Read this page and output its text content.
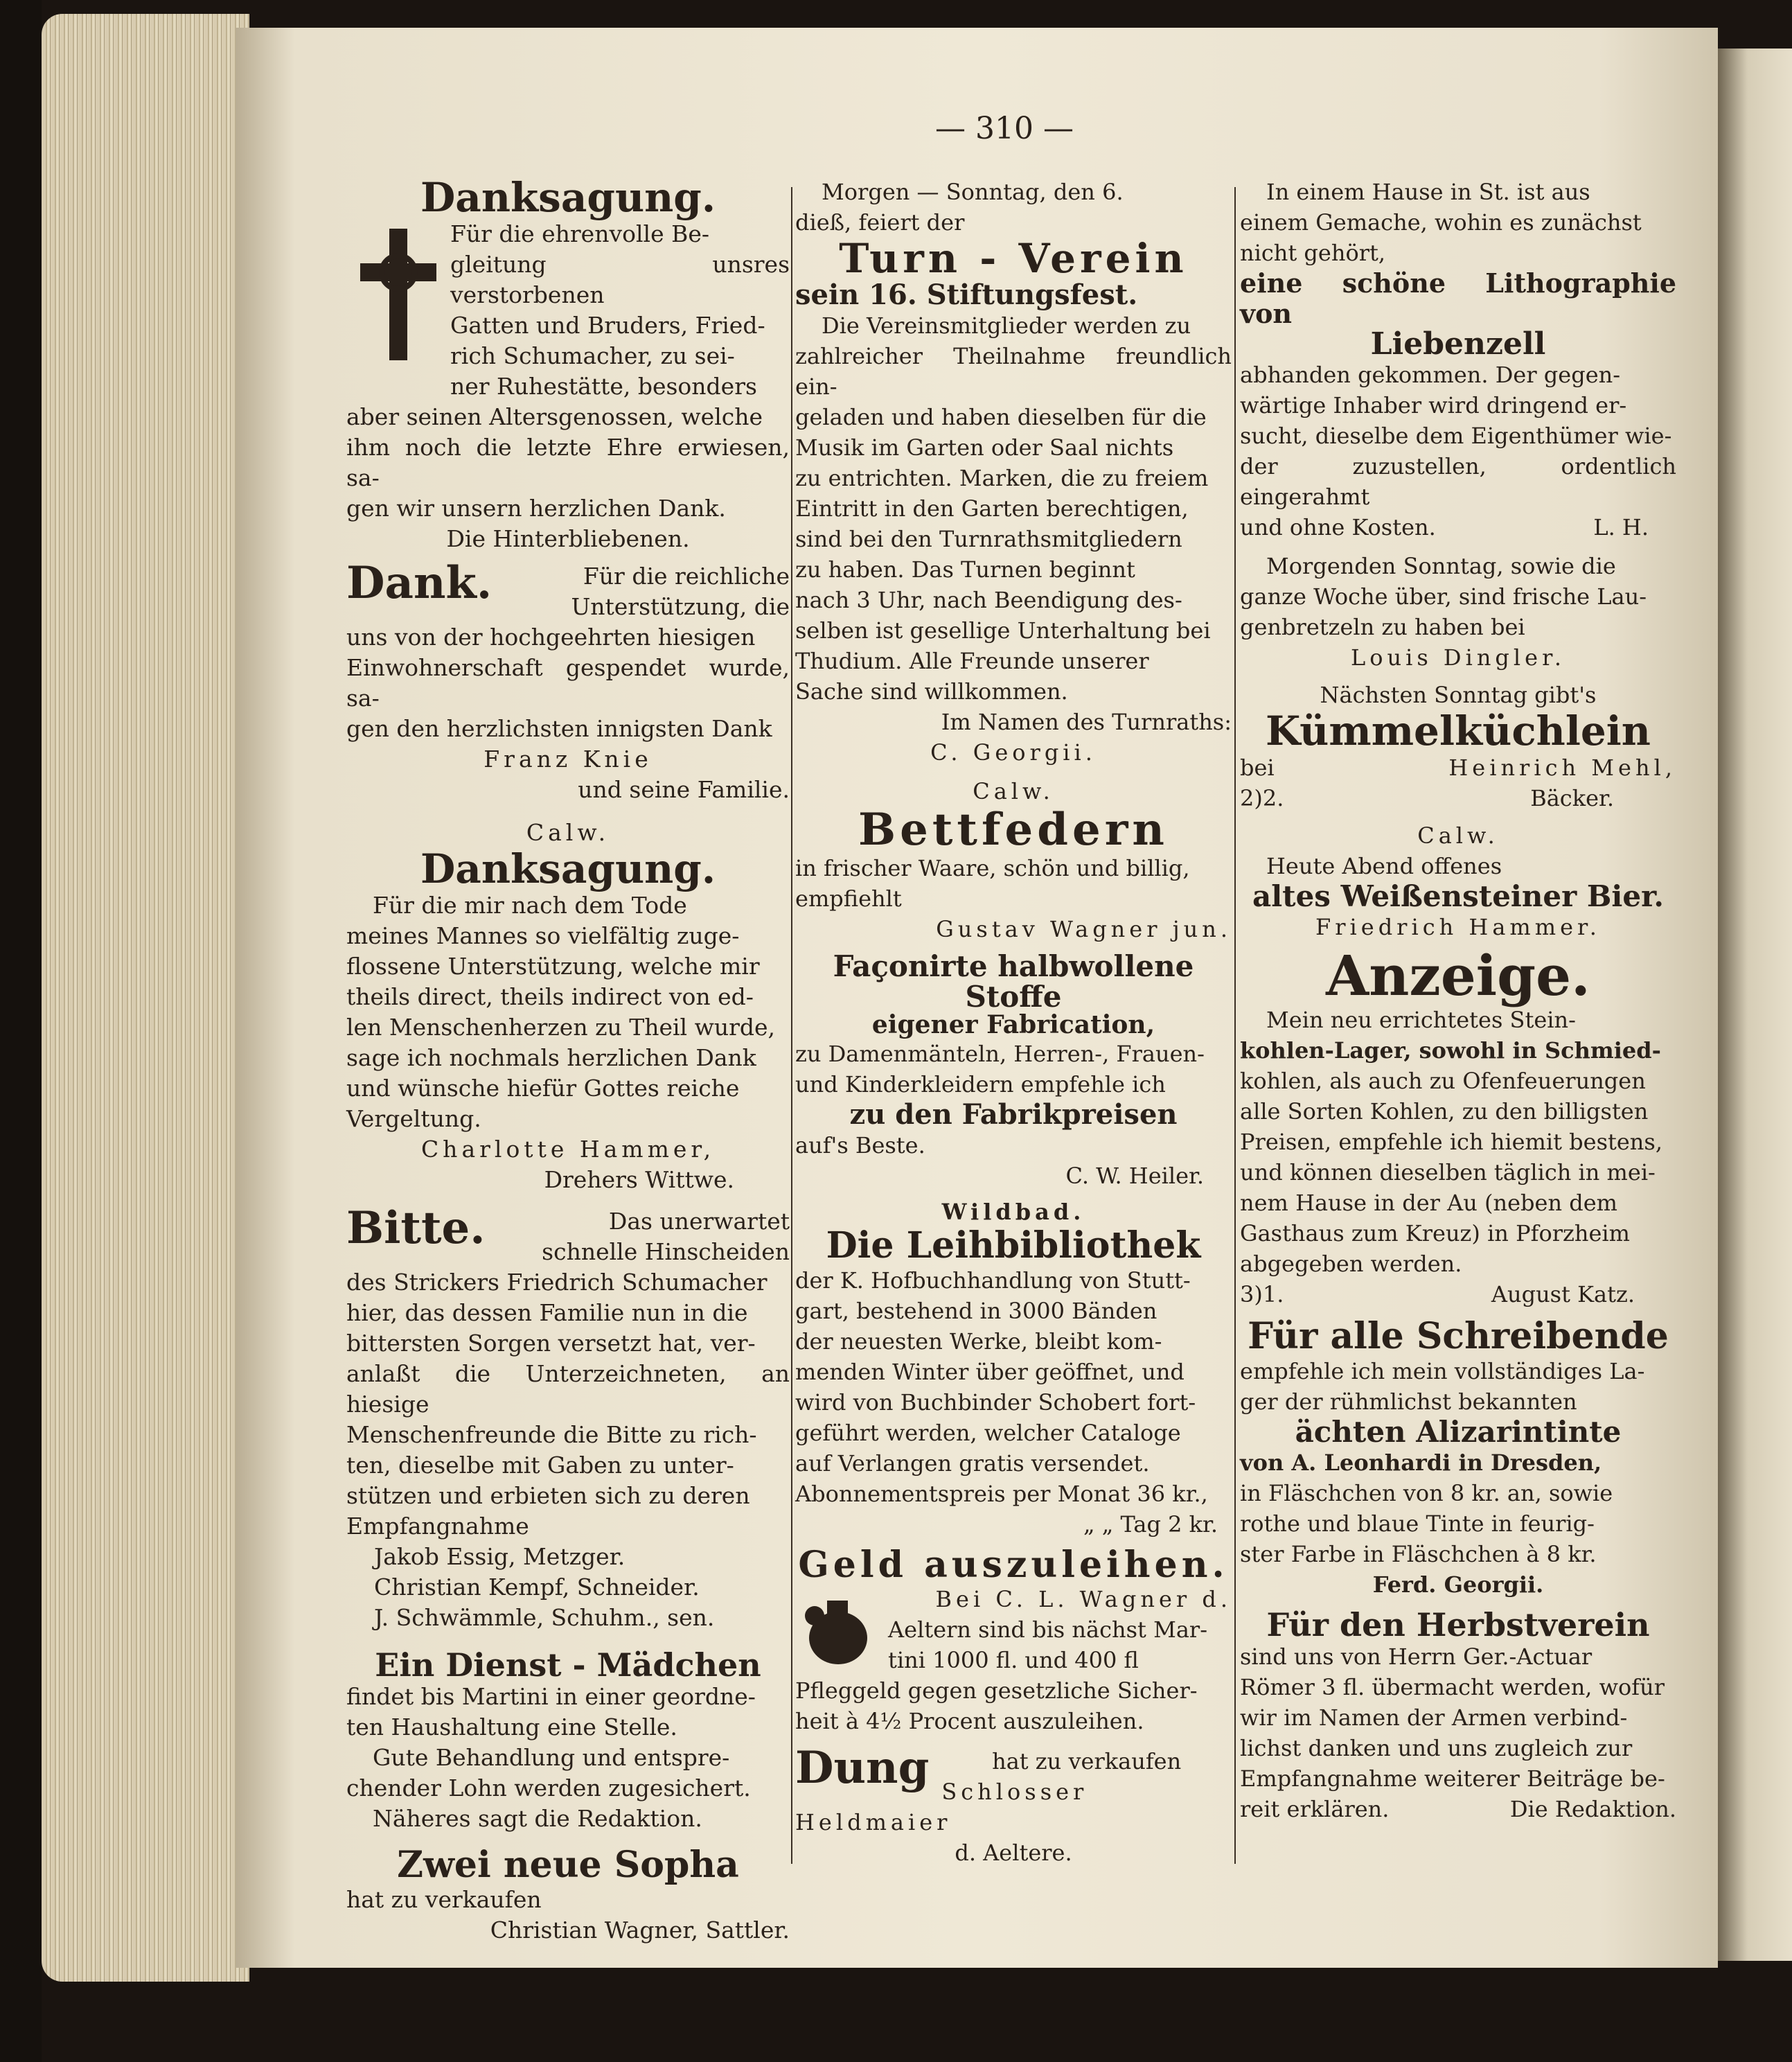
— 310 —
Danksagung.

Für die ehrenvolle Be-

gleitung unsres verstorbenen

Gatten und Bruders, Fried-

rich Schumacher, zu sei-

ner Ruhestätte, besonders

aber seinen Altersgenossen, welche

ihm noch die letzte Ehre erwiesen, sa-

gen wir unsern herzlichen Dank.

Die Hinterbliebenen.

Dank.	Für die reichliche

Unterstützung, die

uns von der hochgeehrten hiesigen

Einwohnerschaft gespendet wurde, sa-

gen den herzlichsten innigsten Dank

Franz Knie

und seine Familie.

Calw.

Danksagung.

Für die mir nach dem Tode

meines Mannes so vielfältig zuge-

flossene Unterstützung, welche mir

theils direct, theils indirect von ed-

len Menschenherzen zu Theil wurde,

sage ich nochmals herzlichen Dank

und wünsche hiefür Gottes reiche

Vergeltung.

Charlotte Hammer,

Drehers Wittwe.

Bitte.	Das unerwartet

schnelle Hinscheiden

des Strickers Friedrich Schumacher

hier, das dessen Familie nun in die

bittersten Sorgen versetzt hat, ver-

anlaßt die Unterzeichneten, an hiesige

Menschenfreunde die Bitte zu rich-

ten, dieselbe mit Gaben zu unter-

stützen und erbieten sich zu deren

Empfangnahme

Jakob Essig, Metzger.

Christian Kempf, Schneider.

J. Schwämmle, Schuhm., sen.

Ein Dienst - Mädchen

findet bis Martini in einer geordne-

ten Haushaltung eine Stelle.

Gute Behandlung und entspre-

chender Lohn werden zugesichert.

Näheres sagt die Redaktion.

Zwei neue Sopha

hat zu verkaufen

Christian Wagner, Sattler.

Morgen — Sonntag, den 6.

dieß, feiert der

Turn - Verein

sein 16. Stiftungsfest.

Die Vereinsmitglieder werden zu

zahlreicher Theilnahme freundlich ein-

geladen und haben dieselben für die

Musik im Garten oder Saal nichts

zu entrichten. Marken, die zu freiem

Eintritt in den Garten berechtigen,

sind bei den Turnrathsmitgliedern

zu haben. Das Turnen beginnt

nach 3 Uhr, nach Beendigung des-

selben ist gesellige Unterhaltung bei

Thudium. Alle Freunde unserer

Sache sind willkommen.

Im Namen des Turnraths:

C. Georgii.

Calw.

Bettfedern

in frischer Waare, schön und billig,

empfiehlt

Gustav Wagner jun.

Façonirte halbwollene Stoffe
eigener Fabrication,

zu Damenmänteln, Herren-, Frauen-

und Kinderkleidern empfehle ich

zu den Fabrikpreisen

auf's Beste.

C. W. Heiler.

Wildbad.

Die Leihbibliothek

der K. Hofbuchhandlung von Stutt-

gart, bestehend in 3000 Bänden

der neuesten Werke, bleibt kom-

menden Winter über geöffnet, und

wird von Buchbinder Schobert fort-

geführt werden, welcher Cataloge

auf Verlangen gratis versendet.

Abonnementspreis per Monat 36 kr.,

„ „ Tag 2 kr.

Geld auszuleihen.

Bei C. L. Wagner d.

Aeltern sind bis nächst Mar-

tini 1000 fl. und 400 fl

Pfleggeld gegen gesetzliche Sicher-

heit à 4½ Procent auszuleihen.

Dung	hat zu verkaufen

Schlosser Heldmaier

d. Aeltere.

In einem Hause in St. ist aus

einem Gemache, wohin es zunächst

nicht gehört,

eine schöne Lithographie von

Liebenzell

abhanden gekommen. Der gegen-

wärtige Inhaber wird dringend er-

sucht, dieselbe dem Eigenthümer wie-

der zuzustellen, ordentlich eingerahmt

und ohne Kosten.	L. H.

Morgenden Sonntag, sowie die

ganze Woche über, sind frische Lau-

genbretzeln zu haben bei

Louis Dingler.

Nächsten Sonntag gibt's

Kümmelküchlein

bei	Heinrich Mehl,

2)2.	Bäcker.

Calw.

Heute Abend offenes

altes Weißensteiner Bier.

Friedrich Hammer.

Anzeige.

Mein neu errichtetes Stein-

kohlen-Lager, sowohl in Schmied-

kohlen, als auch zu Ofenfeuerungen

alle Sorten Kohlen, zu den billigsten

Preisen, empfehle ich hiemit bestens,

und können dieselben täglich in mei-

nem Hause in der Au (neben dem

Gasthaus zum Kreuz) in Pforzheim

abgegeben werden.

3)1.	August Katz.

Für alle Schreibende

empfehle ich mein vollständiges La-

ger der rühmlichst bekannten

ächten Alizarintinte

von A. Leonhardi in Dresden,

in Fläschchen von 8 kr. an, sowie

rothe und blaue Tinte in feurig-

ster Farbe in Fläschchen à 8 kr.

Ferd. Georgii.

Für den Herbstverein

sind uns von Herrn Ger.-Actuar

Römer 3 fl. übermacht werden, wofür

wir im Namen der Armen verbind-

lichst danken und uns zugleich zur

Empfangnahme weiterer Beiträge be-

reit erklären.	Die Redaktion.
